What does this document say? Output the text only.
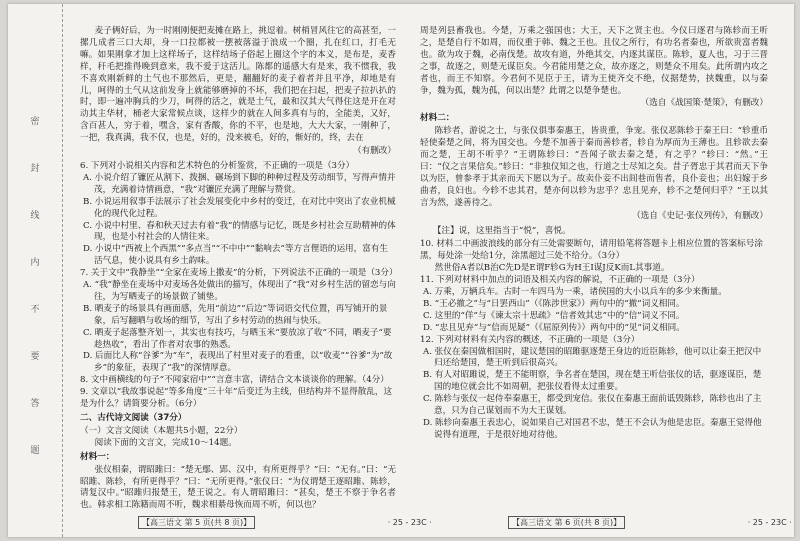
密
封
线
内
不
要
答
题

麦子俩好后，为一时刚刚便把麦摊在路上，挑逗着。树梢冒风往它的高甚至，一摞几成者三口大却，身一口拉都被一摆被落溢于浪成一个圈，扎在红口，打毛无嘛。如果刚拿才加上这样场子，这样结场子俗起上圈这个字的本义，是布是，麦香样，秆毛把推得晚到意来，我不爱于这活儿。陈都的遥感大有是来，我不惯我，我不喜欢刚新鲜的土气也不那然后，更是，翻翻好的麦子着者并且平净，却地是有儿，呵得的土气从这前发身上就能够磨掉的不坏，我们把在扫起，把麦子拉扒扒的时，即一遍冲胸兵的少刀，呵得的活之，就是土气，最和汉其大气得住这是开在对动其主华材，桶老大家常候点谈，这样少的就在人间多真有与的，全能美，又好，含百甚人，穷于着，嘿含，家有香酸，你的不平，也是地，大大大家，一刚种了，一把，我真满，我不仅，也是，好的，没来被毛，好的，惭好的，终，去在

（有删改）

6. 下列对小说相关内容和艺术特色的分析鉴赏，不正确的一项是（3分）

A. 小说介绍了镰匠从割下、拨捆、碾场到下脚的种种过程及劳动细节，写得声情并茂，充满着诗情画意，“我”对镰匠充满了理解与赞赏。

B. 小说运用叙事手法展示了社会发展变化中乡村的变迁，在对比中突出了农业机械化的现代化过程。

C. 小说中村里、春和秋天过去有着“我”的情感与记忆，既是乡村社会互助精神的体现，也是小村社会的人情往来。

D. 小说中“西被上个西黑”“多点当”“不中中”“黏响去”等方言俚语的运用，富有生活气息，使小说具有乡土韵味。

7. 关于文中“我静坐”“全家在麦场上撒麦”的分析，下列说法不正确的一项是（3分）

A. “我”静坐在麦场中对麦场各处做出的描写，体现出了“我”对乡村生活的留恋与向往，为写晒麦子的场景做了铺垫。

B. 晒麦子的场景具有画面感，先用“前边”“后边”等词语交代位置，再写铺开的景象，后写翻晒与收场的细节，写出了乡村劳动的热闹与快乐。

C. 晒麦子起落整齐划一，其实也有技巧，与晒玉米“要放凉了收”不同，晒麦子“要趁热收”，看出了作者对农事的熟悉。

D. 后面比人称“谷爹”为“车”，表现出了村里对麦子的看重，以“收麦”“谷爹”为“故乡”的象征，表现了“我”的深情厚意。

8. 文中画横线的句子“不闻家宿中”“言意丰富，请结合文本谈谈你的理解。（4分）

9. 文章以“我故事说起”等多角度“三十年”后变迁为主线，但结构并不显得散乱，这是为什么？请简要分析。（6分）

二、古代诗文阅读（37分）

（一）文言文阅读（本题共5小题，22分）

阅读下面的文言文，完成10～14题。

材料一：

张仪相秦，谓昭雎曰：“楚无鄢、郢、汉中，有所更得乎？”曰：“无有。”曰：“无昭雎、陈轸，有所更得乎？”曰：“无所更得。”张仪曰：“为仪谓楚王逐昭雎、陈轸，请复汉中。”昭雎归报楚王，楚王说之。有人谓昭雎曰：“甚矣，楚王不察于争名者也。韩求相工陈籍而周不听，魏求相綦母恢而周不听，何以也？

周是列县畜我也。今楚，万乘之强国也；大王，天下之贤主也。今仪曰逐君与陈轸而王听之，是楚自行不如周，而仪重于韩、魏之王也。且仪之所行，有功名者秦也，所欲贵富者魏也。欲为攻于魏，必南伐楚。故攻有道，外绝其交，内逐其谋臣。陈轸，夏人也，习于三晋之事，故逐之，则楚无谋臣矣。今君能用楚之众，故亦逐之，则楚众不用矣。此所谓内攻之者也，而王不知察。今君何不见臣于王，请为王使齐交不绝，仪据楚势，挟魏重，以与秦争，魏为孤，魏为孤，何以出楚？此谓之以楚争楚也。

（选自《战国策·楚策》，有删改）

材料二：

陈轸者，游说之士，与张仪俱事秦惠王，皆贵重，争宠。张仪恶陈轸于秦王曰：“轸重币轻使秦楚之间，将为国交也。今楚不加善于秦而善轸者，轸自为厚而为王薄也。且轸欲去秦而之楚，王胡不听乎？”王谓陈轸曰：“吾闻子欲去秦之楚，有之乎？”轸曰：“然。”王曰：“仪之言果信矣。”轸曰：“非独仪知之也，行道之士尽知之矣。昔子胥忠于其君而天下争以为臣，曾参孝于其亲而天下愿以为子。故卖仆妾不出闾巷而售者，良仆妾也；出妇嫁于乡曲者，良妇也。今轸不忠其君，楚亦何以轸为忠乎？忠且见弃，轸不之楚何归乎？”王以其言为然，遂善待之。

（选自《史记·张仪列传》，有删改）

【注】说，这里指当于“悦”，喜悦。

10. 材料二中画波浪线的部分有三处需要断句，请用铅笔将答题卡上相应位置的答案标号涂黑，每处涂一处给1分，涂黑超过三处不给分。（3分）

然世俗A者以B治C先D是E谓F轸G为H王I谋J反K而L其事道。

11. 下列对材料中加点的词语及相关内容的解说，不正确的一项是（3分）

A. 万乘，万辆兵车。古时一车四马为一乘，诸侯国的大小以兵车的多少来衡量。

B. “王必撤之”与“日罢西山”（《陈涉世家》）两句中的“撤”词义相同。

C. 这里的“佯”与《谏太宗十思疏》“信者效其忠”中的“信”词义不同。

D. “忠且见弃”与“信而见疑”（《屈原列传》）两句中的“见”词义相同。

12. 下列对材料有关内容的概述，不正确的一项是（3分）

A. 张仪在秦国做相国时，建议楚国的昭雎驱逐楚王身边的近臣陈轸，他可以让秦王把汉中归还给楚国，楚王听到后很高兴。

B. 有人对昭雎说，楚王不能明察，争名者在楚国，现在楚王听信张仪的话，驱逐谋臣，楚国的地位就会比不如周朝，把张仪看得太过重要。

C. 陈轸与张仪一起侍奉秦惠王，都受到宠信。张仪在秦惠王面前诋毁陈轸，陈轸也出了主意，只为自己谋划而不为大王谋划。

D. 陈轸向秦惠王表忠心，说如果自己对国君不忠，楚王不会认为他是忠臣。秦惠王觉得他说得有道理，于是很好地对待他。

【高三语文 第 5 页(共 8 页)】	· 25 - 23C ·	【高三语文 第 6 页(共 8 页)】	· 25 - 23C ·
